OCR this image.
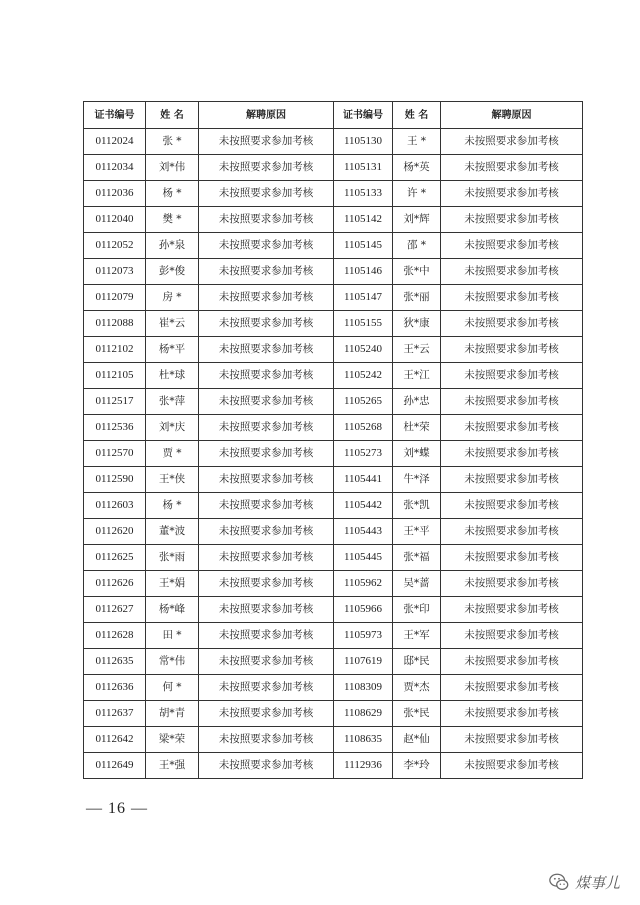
证书编号	姓 名	解聘原因	证书编号	姓 名	解聘原因
0112024	张 *	未按照要求参加考核	1105130	王 *	未按照要求参加考核
0112034	刘*伟	未按照要求参加考核	1105131	杨*英	未按照要求参加考核
0112036	杨 *	未按照要求参加考核	1105133	许 *	未按照要求参加考核
0112040	樊 *	未按照要求参加考核	1105142	刘*辉	未按照要求参加考核
0112052	孙*泉	未按照要求参加考核	1105145	邵 *	未按照要求参加考核
0112073	彭*俊	未按照要求参加考核	1105146	张*中	未按照要求参加考核
0112079	房 *	未按照要求参加考核	1105147	张*丽	未按照要求参加考核
0112088	崔*云	未按照要求参加考核	1105155	狄*康	未按照要求参加考核
0112102	杨*平	未按照要求参加考核	1105240	王*云	未按照要求参加考核
0112105	杜*球	未按照要求参加考核	1105242	王*江	未按照要求参加考核
0112517	张*萍	未按照要求参加考核	1105265	孙*忠	未按照要求参加考核
0112536	刘*庆	未按照要求参加考核	1105268	杜*荣	未按照要求参加考核
0112570	贾 *	未按照要求参加考核	1105273	刘*蝶	未按照要求参加考核
0112590	王*侠	未按照要求参加考核	1105441	牛*泽	未按照要求参加考核
0112603	杨 *	未按照要求参加考核	1105442	张*凯	未按照要求参加考核
0112620	董*波	未按照要求参加考核	1105443	王*平	未按照要求参加考核
0112625	张*雨	未按照要求参加考核	1105445	张*福	未按照要求参加考核
0112626	王*娟	未按照要求参加考核	1105962	吴*蔷	未按照要求参加考核
0112627	杨*峰	未按照要求参加考核	1105966	张*印	未按照要求参加考核
0112628	田 *	未按照要求参加考核	1105973	王*军	未按照要求参加考核
0112635	常*伟	未按照要求参加考核	1107619	邸*民	未按照要求参加考核
0112636	何 *	未按照要求参加考核	1108309	贾*杰	未按照要求参加考核
0112637	胡*青	未按照要求参加考核	1108629	张*民	未按照要求参加考核
0112642	梁*荣	未按照要求参加考核	1108635	赵*仙	未按照要求参加考核
0112649	王*强	未按照要求参加考核	1112936	李*玲	未按照要求参加考核
— 16 —
煤事儿
